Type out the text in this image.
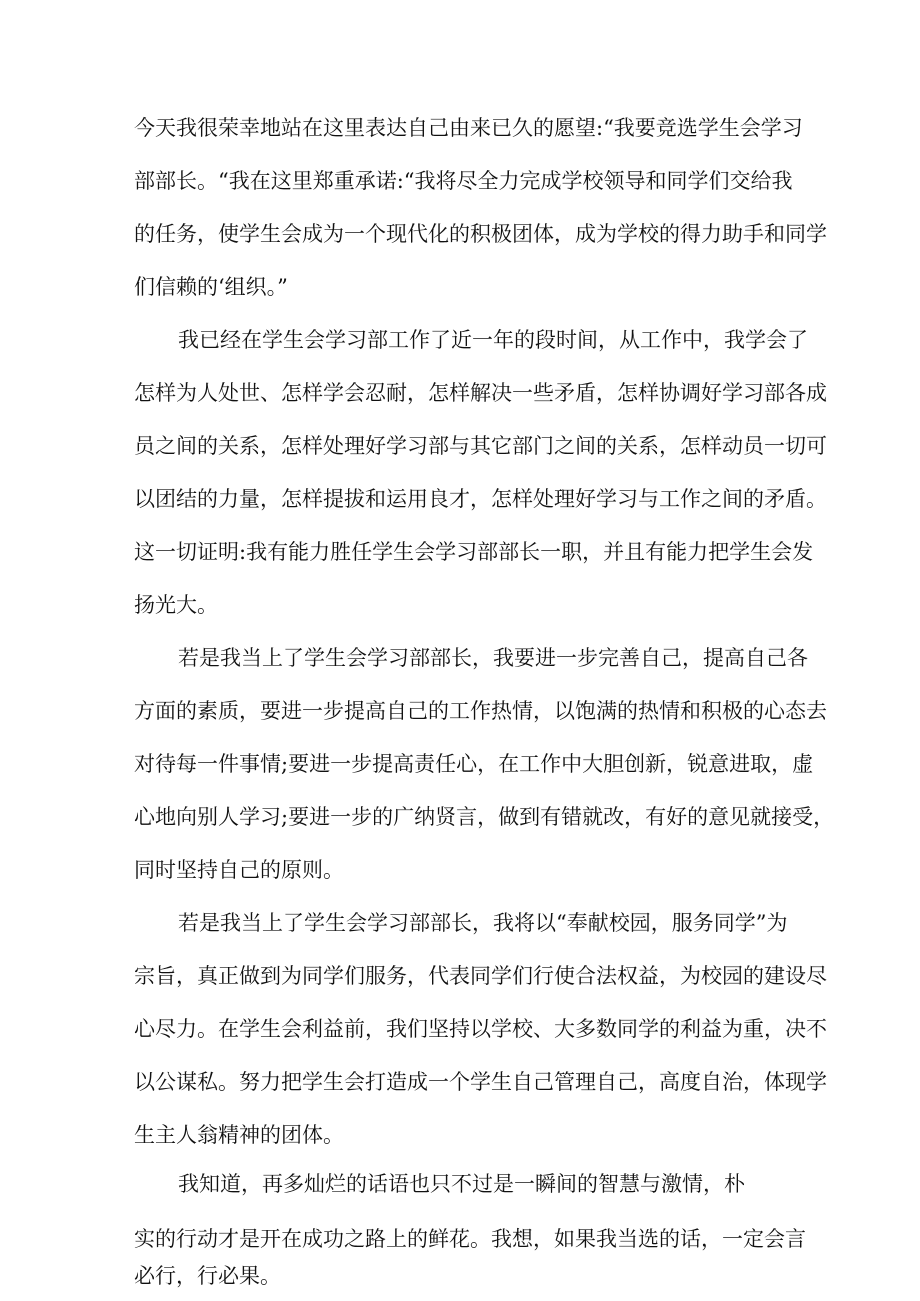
今天我很荣幸地站在这里表达自己由来已久的愿望:“我要竞选学生会学习
部部长。“我在这里郑重承诺:“我将尽全力完成学校领导和同学们交给我
的任务，使学生会成为一个现代化的积极团体，成为学校的得力助手和同学
们信赖的‘组织。”
我已经在学生会学习部工作了近一年的段时间，从工作中，我学会了
怎样为人处世、怎样学会忍耐，怎样解决一些矛盾，怎样协调好学习部各成
员之间的关系，怎样处理好学习部与其它部门之间的关系，怎样动员一切可
以团结的力量，怎样提拔和运用良才，怎样处理好学习与工作之间的矛盾。
这一切证明:我有能力胜任学生会学习部部长一职，并且有能力把学生会发
扬光大。
若是我当上了学生会学习部部长，我要进一步完善自己，提高自己各
方面的素质，要进一步提高自己的工作热情，以饱满的热情和积极的心态去
对待每一件事情;要进一步提高责任心，在工作中大胆创新，锐意进取，虚
心地向别人学习;要进一步的广纳贤言，做到有错就改，有好的意见就接受，
同时坚持自己的原则。
若是我当上了学生会学习部部长，我将以“奉献校园，服务同学”为
宗旨，真正做到为同学们服务，代表同学们行使合法权益，为校园的建设尽
心尽力。在学生会利益前，我们坚持以学校、大多数同学的利益为重，决不
以公谋私。努力把学生会打造成一个学生自己管理自己，高度自治，体现学
生主人翁精神的团体。
我知道，再多灿烂的话语也只不过是一瞬间的智慧与激情，朴
实的行动才是开在成功之路上的鲜花。我想，如果我当选的话，一定会言
必行，行必果。
